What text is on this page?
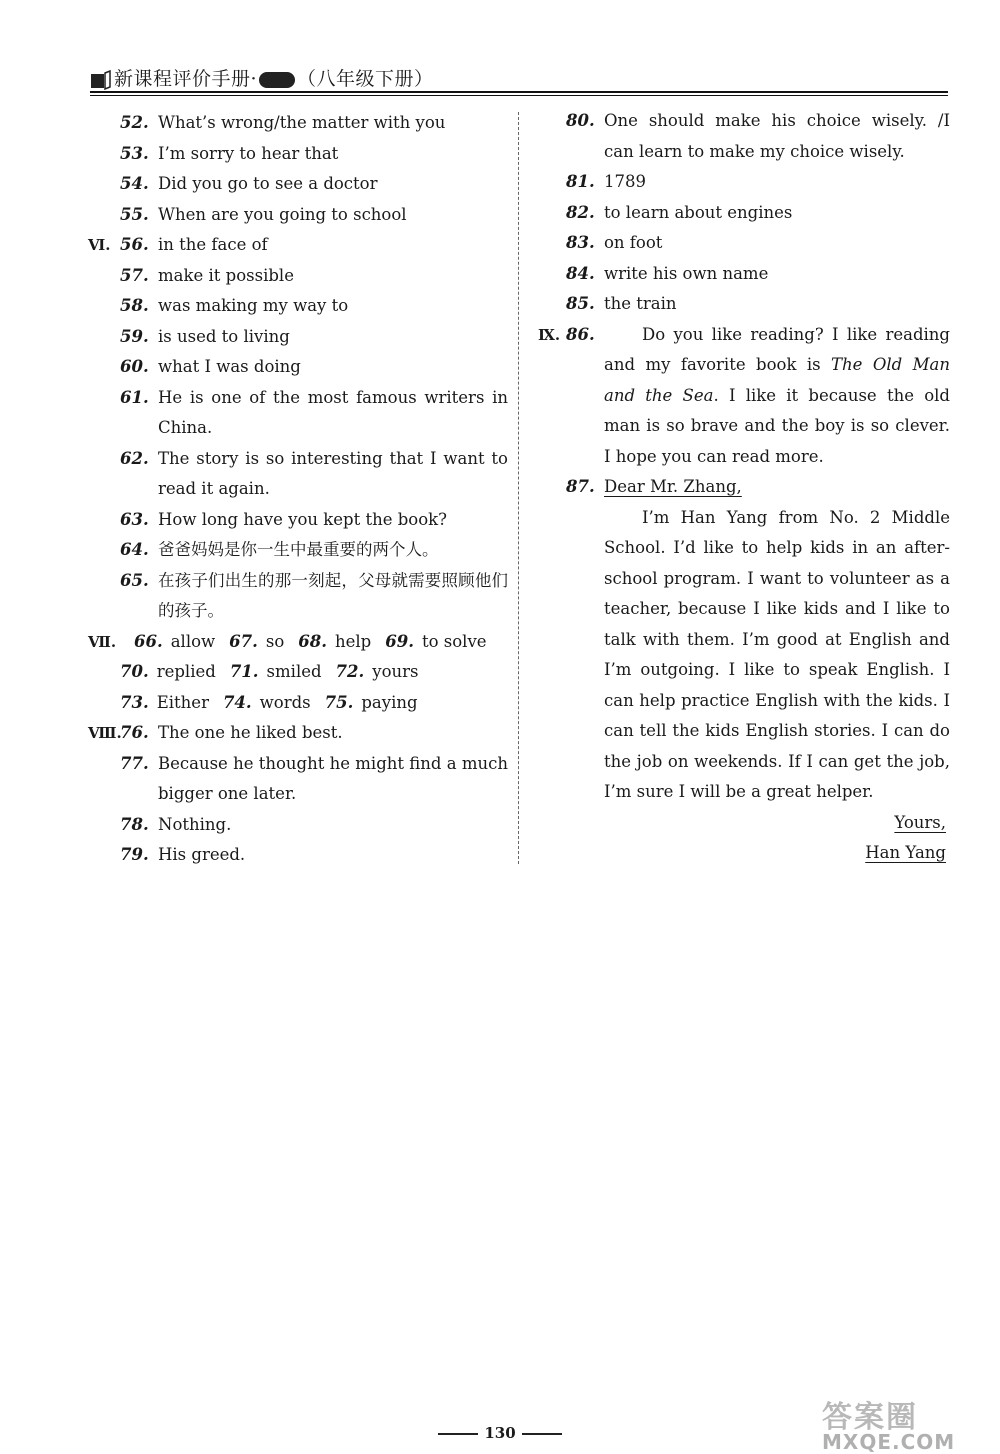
新课程评价手册· （八年级下册）
52. What’s wrong/the matter with you
53. I’m sorry to hear that
54. Did you go to see a doctor
55. When are you going to school
Ⅵ. 56. in the face of
57. make it possible
58. was making my way to
59. is used to living
60. what I was doing
61. He is one of the most famous writers in China.
62. The story is so interesting that I want to read it again.
63. How long have you kept the book?
64. 爸爸妈妈是你一生中最重要的两个人。
65. 在孩子们出生的那一刻起，父母就需要照顾他们的孩子。
Ⅶ. 66. allow 67. so 68. help 69. to solve
70. replied 71. smiled 72. yours
73. Either 74. words 75. paying
Ⅷ.
76. The one he liked best.
77. Because he thought he might find a much bigger one later.
78. Nothing.
79. His greed.
80. One should make his choice wisely. /I can learn to make my choice wisely.
81. 1789
82. to learn about engines
83. on foot
84. write his own name
85. the train
Ⅸ. 86.	Do you like reading? I like reading and my favorite book is The Old Man and the Sea. I like it because the old man is so brave and the boy is so clever. I hope you can read more.
87. Dear Mr. Zhang,
I’m Han Yang from No. 2 Middle School. I’d like to help kids in an after-school program. I want to volunteer as a teacher, because I like kids and I like to talk with them. I’m good at English and I’m outgoing. I like to speak English. I can help practice English with the kids. I can tell the kids English stories. I can do the job on weekends. If I can get the job, I’m sure I will be a great helper.
Yours,
Han Yang
130	答案圈
MXQE.COM
